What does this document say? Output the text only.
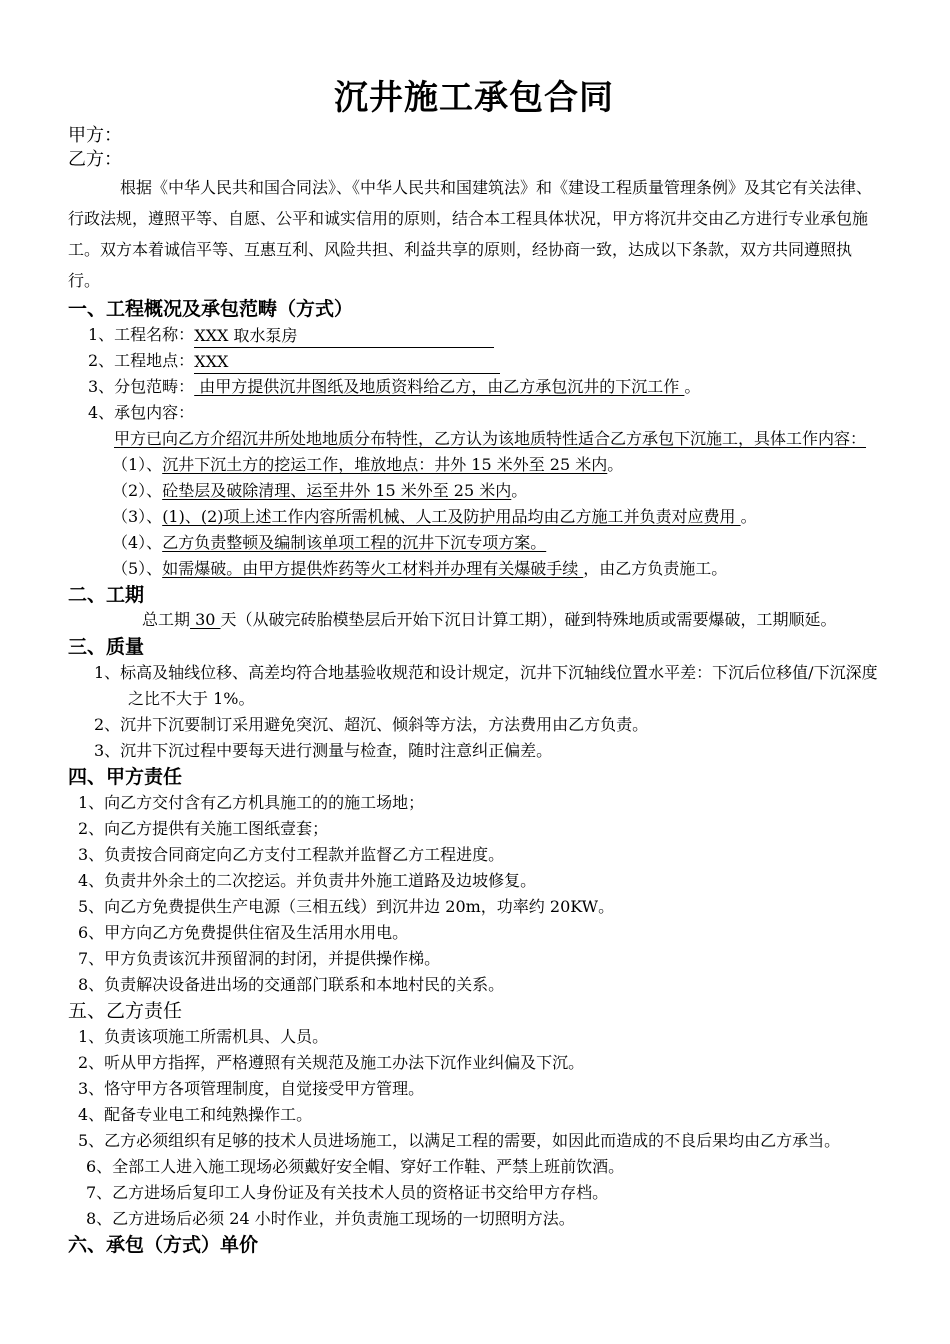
沉井施工承包合同
甲方：
乙方：
根据《中华人民共和国合同法》、《中华人民共和国建筑法》和《建设工程质量管理条例》及其它有关法律、行政法规，遵照平等、自愿、公平和诚实信用的原则，结合本工程具体状况，甲方将沉井交由乙方进行专业承包施工。双方本着诚信平等、互惠互利、风险共担、利益共享的原则，经协商一致，达成以下条款，双方共同遵照执行。
一、工程概况及承包范畴（方式）
1、工程名称：XXX 取水泵房
2、工程地点：XXX
3、分包范畴： 由甲方提供沉井图纸及地质资料给乙方，由乙方承包沉井的下沉工作 。
4、承包内容：
甲方已向乙方介绍沉井所处地地质分布特性，乙方认为该地质特性适合乙方承包下沉施工，具体工作内容：
（1）、沉井下沉土方的挖运工作，堆放地点：井外 15 米外至 25 米内。
（2）、砼垫层及破除清理、运至井外 15 米外至 25 米内。
（3）、(1)、(2)项上述工作内容所需机械、人工及防护用品均由乙方施工并负责对应费用 。
（4）、乙方负责整顿及编制该单项工程的沉井下沉专项方案。
（5）、如需爆破。由甲方提供炸药等火工材料并办理有关爆破手续 ，由乙方负责施工。
二、工期
总工期 30 天（从破完砖胎模垫层后开始下沉日计算工期），碰到特殊地质或需要爆破，工期顺延。
三、质量
1、标高及轴线位移、高差均符合地基验收规范和设计规定，沉井下沉轴线位置水平差：下沉后位移值/下沉深度之比不大于 1%。
2、沉井下沉要制订采用避免突沉、超沉、倾斜等方法，方法费用由乙方负责。
3、沉井下沉过程中要每天进行测量与检查，随时注意纠正偏差。
四、甲方责任
1、向乙方交付含有乙方机具施工的的施工场地；
2、向乙方提供有关施工图纸壹套；
3、负责按合同商定向乙方支付工程款并监督乙方工程进度。
4、负责井外余土的二次挖运。并负责井外施工道路及边坡修复。
5、向乙方免费提供生产电源（三相五线）到沉井边 20m，功率约 20KW。
6、甲方向乙方免费提供住宿及生活用水用电。
7、甲方负责该沉井预留洞的封闭，并提供操作梯。
8、负责解决设备进出场的交通部门联系和本地村民的关系。
五、乙方责任
1、负责该项施工所需机具、人员。
2、听从甲方指挥，严格遵照有关规范及施工办法下沉作业纠偏及下沉。
3、恪守甲方各项管理制度，自觉接受甲方管理。
4、配备专业电工和纯熟操作工。
5、乙方必须组织有足够的技术人员进场施工，以满足工程的需要，如因此而造成的不良后果均由乙方承当。
6、全部工人进入施工现场必须戴好安全帽、穿好工作鞋、严禁上班前饮酒。
7、乙方进场后复印工人身份证及有关技术人员的资格证书交给甲方存档。
8、乙方进场后必须 24 小时作业，并负责施工现场的一切照明方法。
六、承包（方式）单价
